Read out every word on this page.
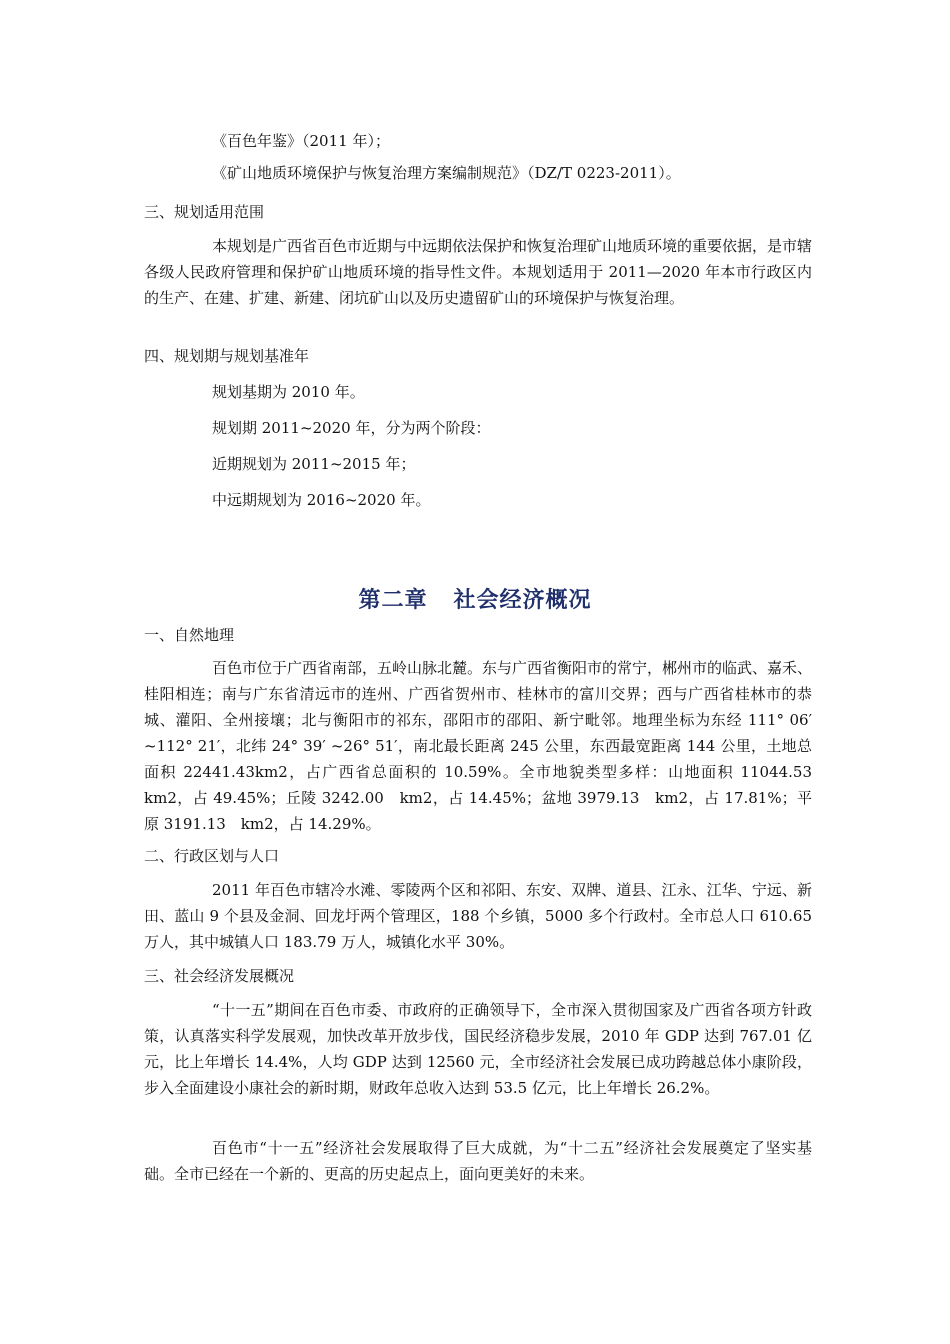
《百色年鉴》（2011 年）；
《矿山地质环境保护与恢复治理方案编制规范》（DZ/T 0223-2011）。
三、规划适用范围
本规划是广西省百色市近期与中远期依法保护和恢复治理矿山地质环境的重要依据，是市辖各级人民政府管理和保护矿山地质环境的指导性文件。本规划适用于 2011—2020 年本市行政区内的生产、在建、扩建、新建、闭坑矿山以及历史遗留矿山的环境保护与恢复治理。
四、规划期与规划基准年
规划基期为 2010 年。
规划期 2011~2020 年，分为两个阶段：
近期规划为 2011~2015 年；
中远期规划为 2016~2020 年。
第二章 社会经济概况
一、自然地理
百色市位于广西省南部，五岭山脉北麓。东与广西省衡阳市的常宁，郴州市的临武、嘉禾、桂阳相连；南与广东省清远市的连州、广西省贺州市、桂林市的富川交界；西与广西省桂林市的恭城、灌阳、全州接壤；北与衡阳市的祁东，邵阳市的邵阳、新宁毗邻。地理坐标为东经 111° 06′ ~112° 21′，北纬 24° 39′ ~26° 51′，南北最长距离 245 公里，东西最宽距离 144 公里，土地总面积 22441.43km2，占广西省总面积的 10.59%。全市地貌类型多样：山地面积 11044.53　km2，占 49.45%；丘陵 3242.00　km2，占 14.45%；盆地 3979.13　km2，占 17.81%；平原 3191.13　km2，占 14.29%。
二、行政区划与人口
2011 年百色市辖冷水滩、零陵两个区和祁阳、东安、双牌、道县、江永、江华、宁远、新田、蓝山 9 个县及金洞、回龙圩两个管理区，188 个乡镇，5000 多个行政村。全市总人口 610.65 万人，其中城镇人口 183.79 万人，城镇化水平 30%。
三、社会经济发展概况
“十一五”期间在百色市委、市政府的正确领导下，全市深入贯彻国家及广西省各项方针政策，认真落实科学发展观，加快改革开放步伐，国民经济稳步发展，2010 年 GDP 达到 767.01 亿元，比上年增长 14.4%，人均 GDP 达到 12560 元，全市经济社会发展已成功跨越总体小康阶段，步入全面建设小康社会的新时期，财政年总收入达到 53.5 亿元，比上年增长 26.2%。
百色市“十一五”经济社会发展取得了巨大成就，为“十二五”经济社会发展奠定了坚实基础。全市已经在一个新的、更高的历史起点上，面向更美好的未来。
